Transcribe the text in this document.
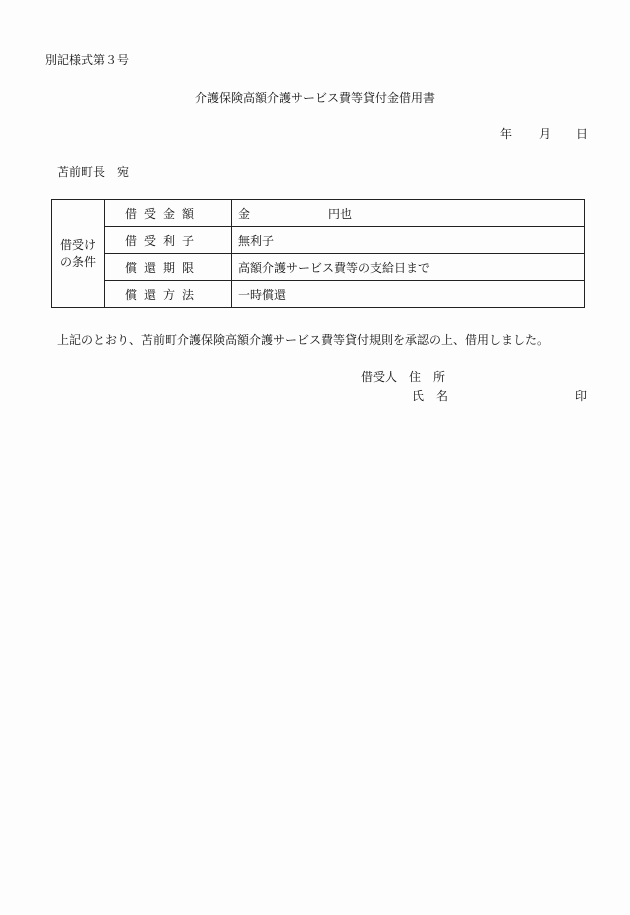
別記様式第３号
介護保険高額介護サービス費等貸付金借用書
年 月 日
苫前町長　宛
借受け
の条件	借受金額	金 円也
	借受利子	無利子
	償還期限	高額介護サービス費等の支給日まで
	償還方法	一時償還
上記のとおり、苫前町介護保険高額介護サービス費等貸付規則を承認の上、借用しました。
借受人　住　所
氏　名	印
